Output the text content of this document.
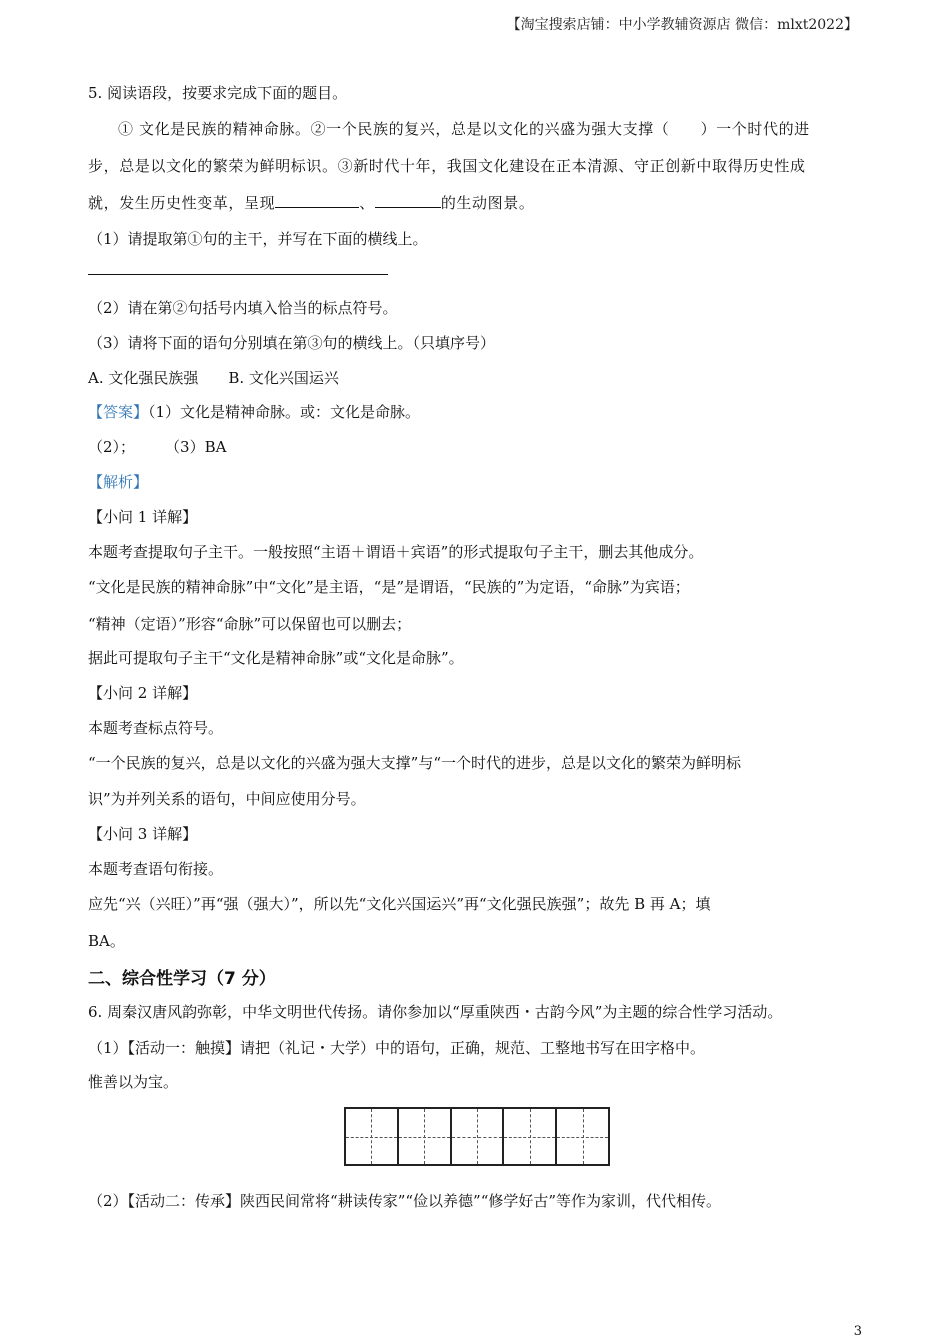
【淘宝搜索店铺：中小学教辅资源店 微信：mlxt2022】
5. 阅读语段，按要求完成下面的题目。
① 文化是民族的精神命脉。②一个民族的复兴，总是以文化的兴盛为强大支撑（　　）一个时代的进
步，总是以文化的繁荣为鲜明标识。③新时代十年，我国文化建设在正本清源、守正创新中取得历史性成
就，发生历史性变革，呈现	、	的生动图景。
（1）请提取第①句的主干，并写在下面的横线上。
（2）请在第②句括号内填入恰当的标点符号。
（3）请将下面的语句分别填在第③句的横线上。（只填序号）
A. 文化强民族强　　B. 文化兴国运兴
【答案】（1）文化是精神命脉。或：文化是命脉。
（2）；　　　（3）BA
【解析】
【小问 1 详解】
本题考查提取句子主干。一般按照“主语＋谓语＋宾语”的形式提取句子主干，删去其他成分。
“文化是民族的精神命脉”中“文化”是主语，“是”是谓语，“民族的”为定语，“命脉”为宾语；
“精神（定语）”形容“命脉”可以保留也可以删去；
据此可提取句子主干“文化是精神命脉”或“文化是命脉”。
【小问 2 详解】
本题考查标点符号。
“一个民族的复兴，总是以文化的兴盛为强大支撑”与“一个时代的进步，总是以文化的繁荣为鲜明标
识”为并列关系的语句，中间应使用分号。
【小问 3 详解】
本题考查语句衔接。
应先“兴（兴旺）”再“强（强大）”，所以先“文化兴国运兴”再“文化强民族强”；故先 B 再 A；填
BA。
二、综合性学习（7 分）
6. 周秦汉唐风韵弥彰，中华文明世代传扬。请你参加以“厚重陕西・古韵今风”为主题的综合性学习活动。
（1）【活动一：触摸】请把（礼记・大学）中的语句，正确，规范、工整地书写在田字格中。
惟善以为宝。
（2）【活动二：传承】陕西民间常将“耕读传家”“俭以养德”“修学好古”等作为家训，代代相传。
3
